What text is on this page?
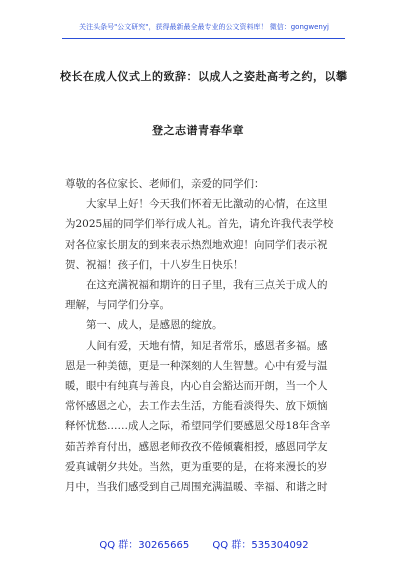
关注头条号"公文研究"，获得最新最全最专业的公文资料库！ 微信：gongwenyj
校长在成人仪式上的致辞：以成人之姿赴高考之约，以攀
登之志谱青春华章

尊敬的各位家长、老师们，亲爱的同学们：

大家早上好！今天我们怀着无比激动的心情，在这里

为2025届的同学们举行成人礼。首先，请允许我代表学校

对各位家长朋友的到来表示热烈地欢迎！向同学们表示祝

贺、祝福！孩子们，十八岁生日快乐！

在这充满祝福和期许的日子里，我有三点关于成人的

理解，与同学们分享。

第一、成人，是感恩的绽放。

人间有爱，天地有情，知足者常乐，感恩者多福。感

恩是一种美德，更是一种深刻的人生智慧。心中有爱与温

暖，眼中有纯真与善良，内心自会豁达而开朗，当一个人

常怀感恩之心，去工作去生活，方能看淡得失、放下烦恼

释怀忧愁……成人之际，希望同学们要感恩父母18年含辛

茹苦养育付出，感恩老师孜孜不倦倾囊相授，感恩同学友

爱真诚朝夕共处。当然，更为重要的是，在将来漫长的岁

月中，当我们感受到自己周围充满温暖、幸福、和谐之时

QQ 群：30265665 QQ 群：535304092
